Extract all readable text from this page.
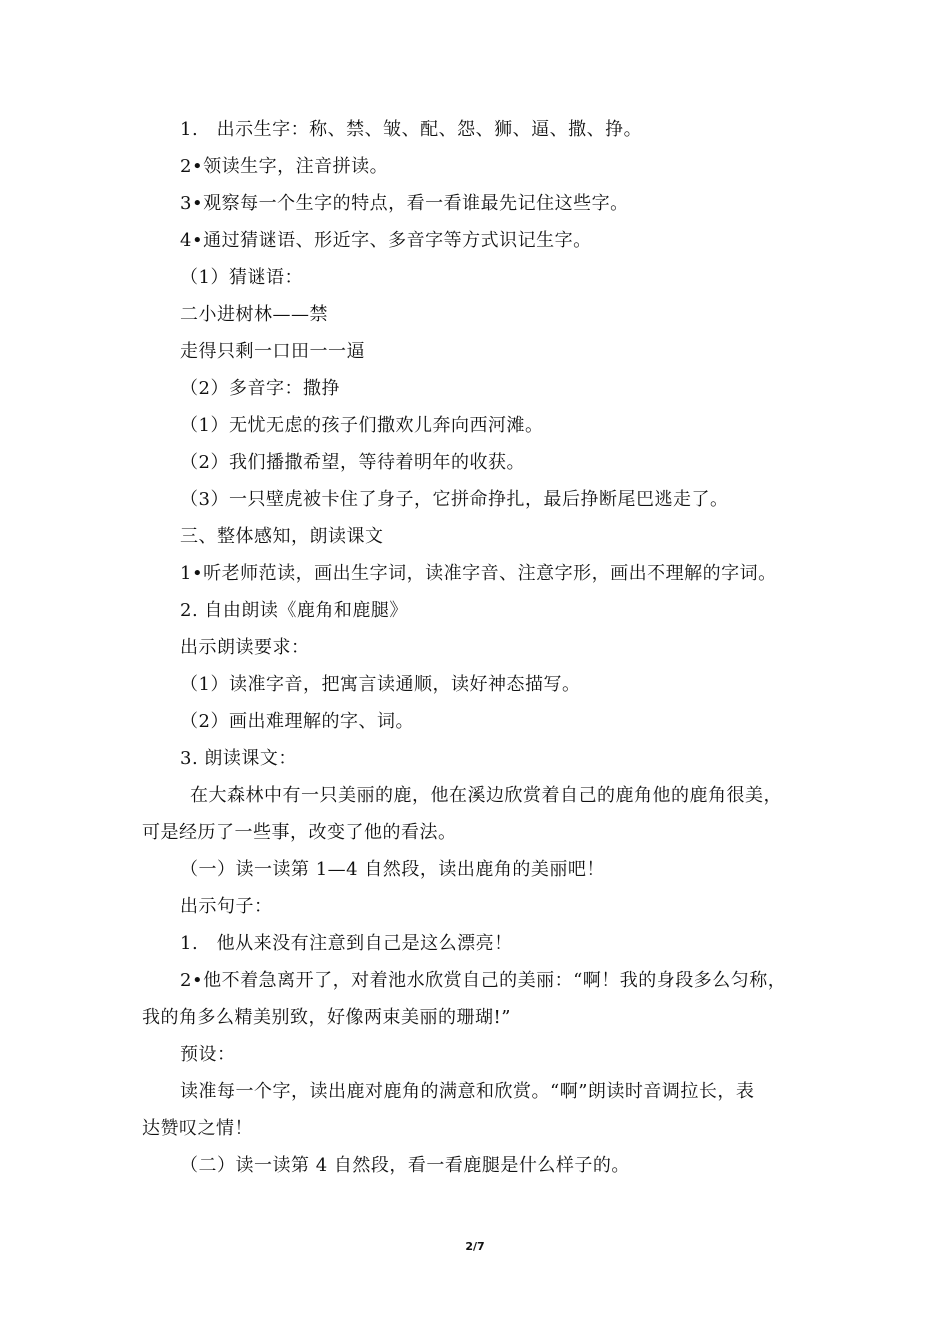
1.　出示生字：称、禁、皱、配、怨、狮、逼、撒、挣。
2•领读生字，注音拼读。
3•观察每一个生字的特点，看一看谁最先记住这些字。
4•通过猜谜语、形近字、多音字等方式识记生字。
（1）猜谜语：
二小进树林——禁
走得只剩一口田一一逼
（2）多音字：撒挣
（1）无忧无虑的孩子们撒欢儿奔向西河滩。
（2）我们播撒希望，等待着明年的收获。
（3）一只壁虎被卡住了身子，它拼命挣扎，最后挣断尾巴逃走了。
三、整体感知，朗读课文
1•听老师范读，画出生字词，读准字音、注意字形，画出不理解的字词。
2. 自由朗读《鹿角和鹿腿》
出示朗读要求：
（1）读准字音，把寓言读通顺，读好神态描写。
（2）画出难理解的字、词。
3. 朗读课文：
在大森林中有一只美丽的鹿，他在溪边欣赏着自己的鹿角他的鹿角很美，
可是经历了一些事，改变了他的看法。
（一）读一读第 1—4 自然段，读出鹿角的美丽吧！
出示句子：
1.　他从来没有注意到自己是这么漂亮！
2•他不着急离开了，对着池水欣赏自己的美丽：“啊！我的身段多么匀称，
我的角多么精美别致，好像两束美丽的珊瑚!”
预设：
读准每一个字，读出鹿对鹿角的满意和欣赏。“啊”朗读时音调拉长，表
达赞叹之情！
（二）读一读第 4 自然段，看一看鹿腿是什么样子的。
2/7
